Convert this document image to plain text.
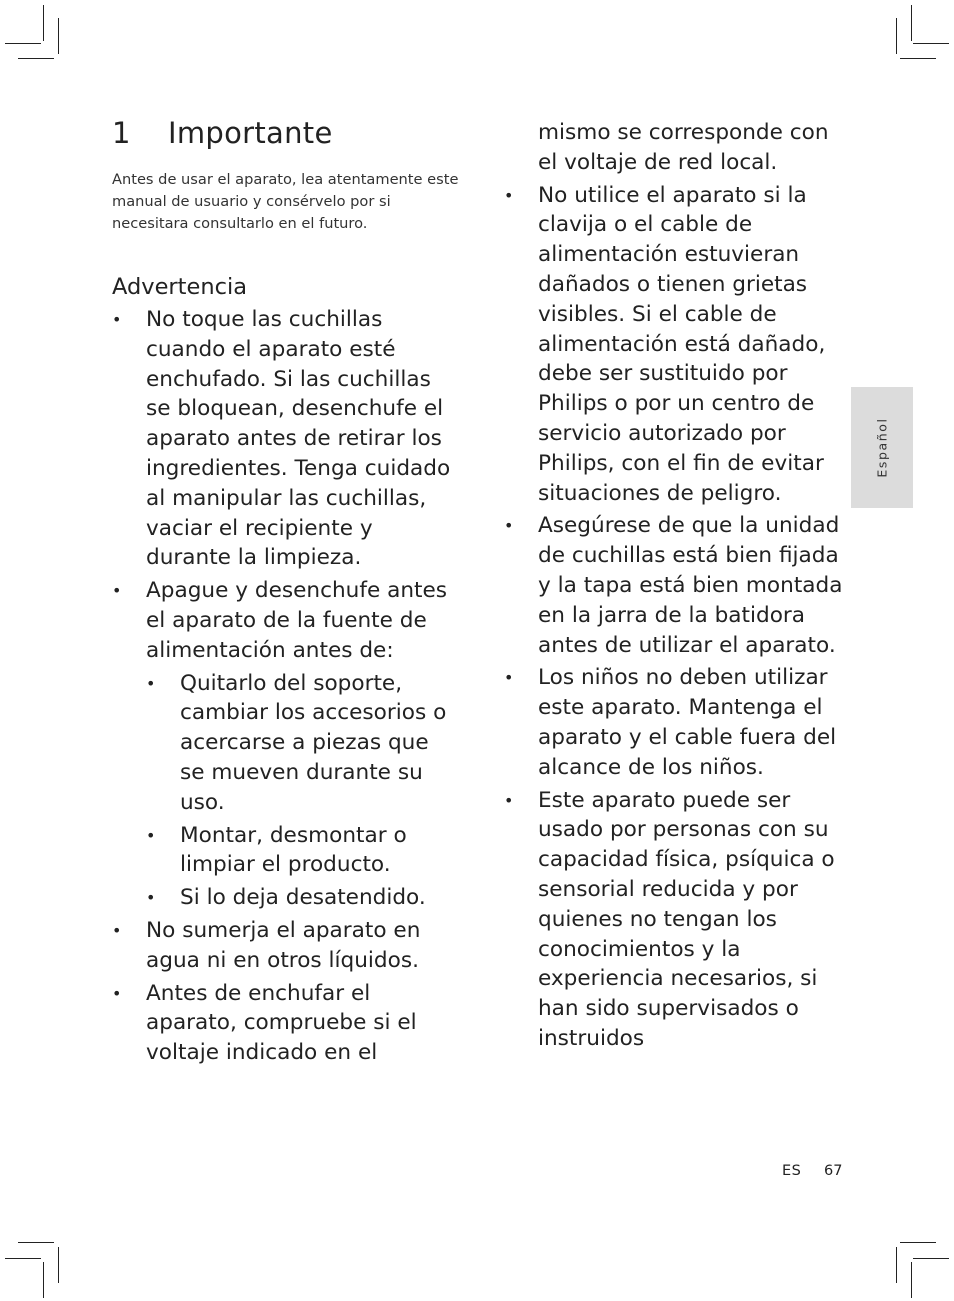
1 Importante

Antes de usar el aparato, lea atentamente este manual de usuario y consérvelo por si necesitara consultarlo en el futuro.

Advertencia
• No toque las cuchillas cuando el aparato esté enchufado. Si las cuchillas se bloquean, desenchufe el aparato antes de retirar los ingredientes. Tenga cuidado al manipular las cuchillas, vaciar el recipiente y durante la limpieza.
• Apague y desenchufe antes el aparato de la fuente de alimentación antes de:
• Quitarlo del soporte, cambiar los accesorios o acercarse a piezas que se mueven durante su uso.
• Montar, desmontar o limpiar el producto.
• Si lo deja desatendido.
• No sumerja el aparato en agua ni en otros líquidos.
• Antes de enchufar el aparato, compruebe si el voltaje indicado en el

mismo se corresponde con el voltaje de red local.

• No utilice el aparato si la clavija o el cable de alimentación estuvieran dañados o tienen grietas visibles. Si el cable de alimentación está dañado, debe ser sustituido por Philips o por un centro de servicio autorizado por Philips, con el fin de evitar situaciones de peligro.
• Asegúrese de que la unidad de cuchillas está bien fijada y la tapa está bien montada en la jarra de la batidora antes de utilizar el aparato.
• Los niños no deben utilizar este aparato. Mantenga el aparato y el cable fuera del alcance de los niños.
• Este aparato puede ser usado por personas con su capacidad física, psíquica o sensorial reducida y por quienes no tengan los conocimientos y la experiencia necesarios, si han sido supervisados o instruidos
Español
ES 67
